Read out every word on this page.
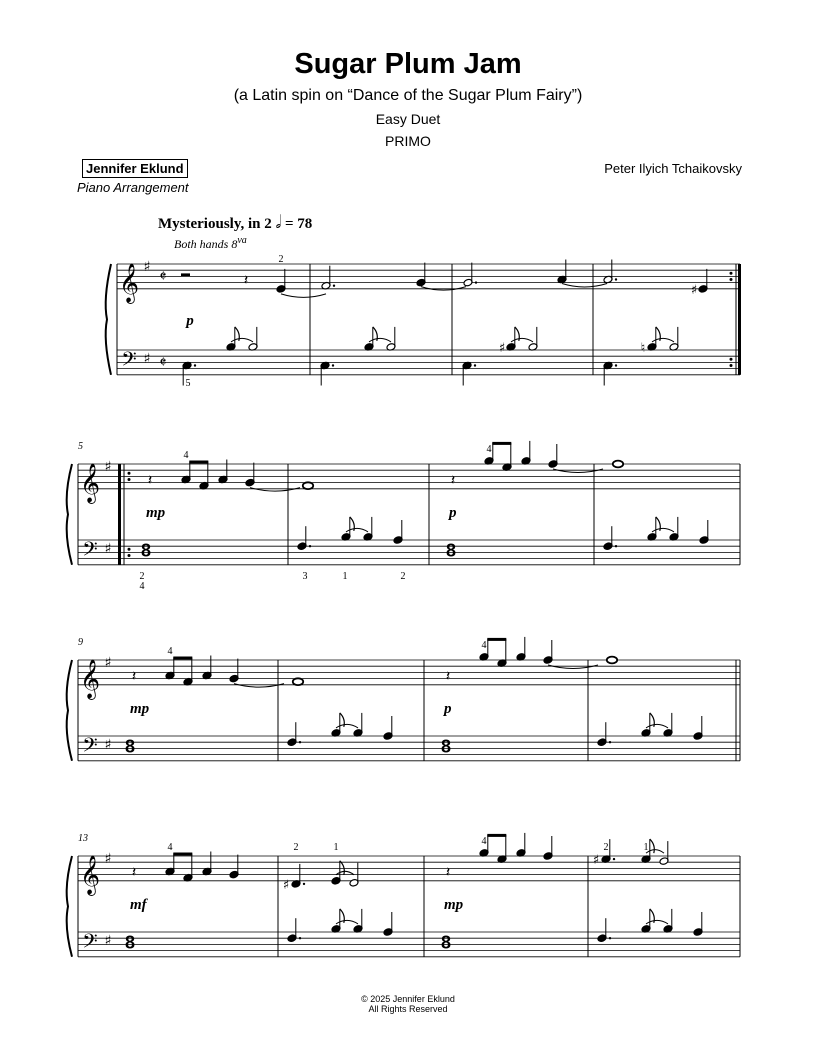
Sugar Plum Jam
(a Latin spin on “Dance of the Sugar Plum Fairy”)
Easy Duet
PRIMO
Jennifer Eklund
Piano Arrangement
Peter Ilyich Tchaikovsky
Mysteriously, in 2 𝅗𝅥 = 78
Both hands $8^{va}$
𝄞
𝄢
♯
♯
𝄵
𝄵
𝄽
♯
♯	♮
2
5
p
𝄞
𝄢
♯
♯
5
8	8
𝄽
4
mp
𝄽
4
p
2
4
3	1	2
𝄞
𝄢
♯
♯
9
8	8
𝄽
4
mp
𝄽
4
p
𝄞
𝄢
♯
♯
13
8	8
𝄽
4
mf
𝄽
4
mp
♯
2	1
♯
2	1
© 2025 Jennifer Eklund
All Rights Reserved
